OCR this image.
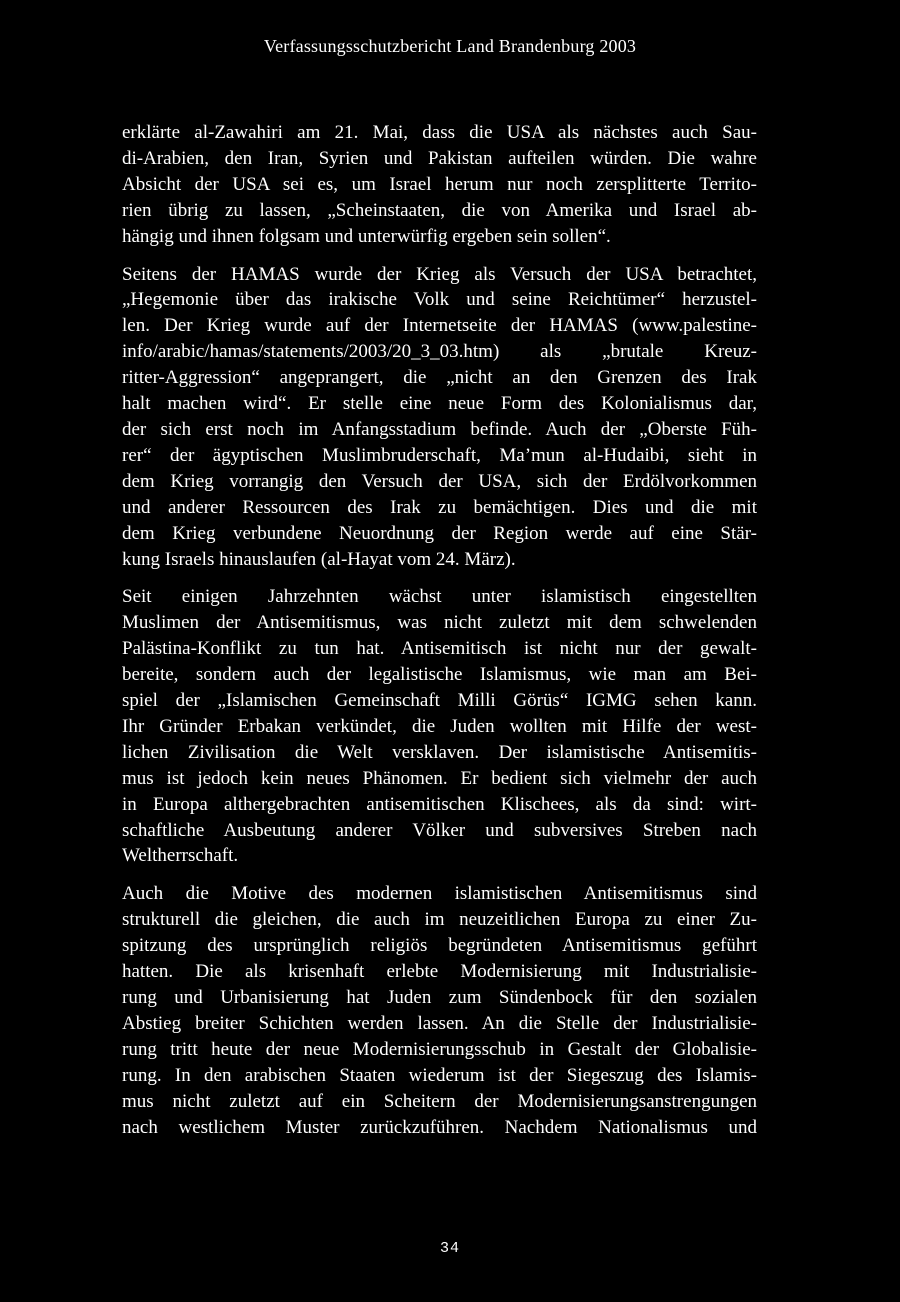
Verfassungsschutzbericht Land Brandenburg 2003

erklärte al-Zawahiri am 21. Mai, dass die USA als nächstes auch Sau-
di-Arabien, den Iran, Syrien und Pakistan aufteilen würden. Die wahre
Absicht der USA sei es, um Israel herum nur noch zersplitterte Territo-
rien übrig zu lassen, „Scheinstaaten, die von Amerika und Israel ab-
hängig und ihnen folgsam und unterwürfig ergeben sein sollen“.

Seitens der HAMAS wurde der Krieg als Versuch der USA betrachtet,
„Hegemonie über das irakische Volk und seine Reichtümer“ herzustel-
len. Der Krieg wurde auf der Internetseite der HAMAS (www.palestine-
info/arabic/hamas/statements/2003/20_3_03.htm) als „brutale Kreuz-
ritter-Aggression“ angeprangert, die „nicht an den Grenzen des Irak
halt machen wird“. Er stelle eine neue Form des Kolonialismus dar,
der sich erst noch im Anfangsstadium befinde. Auch der „Oberste Füh-
rer“ der ägyptischen Muslimbruderschaft, Ma’mun al-Hudaibi, sieht in
dem Krieg vorrangig den Versuch der USA, sich der Erdölvorkommen
und anderer Ressourcen des Irak zu bemächtigen. Dies und die mit
dem Krieg verbundene Neuordnung der Region werde auf eine Stär-
kung Israels hinauslaufen (al-Hayat vom 24. März).

Seit einigen Jahrzehnten wächst unter islamistisch eingestellten
Muslimen der Antisemitismus, was nicht zuletzt mit dem schwelenden
Palästina-Konflikt zu tun hat. Antisemitisch ist nicht nur der gewalt-
bereite, sondern auch der legalistische Islamismus, wie man am Bei-
spiel der „Islamischen Gemeinschaft Milli Görüs“ IGMG sehen kann.
Ihr Gründer Erbakan verkündet, die Juden wollten mit Hilfe der west-
lichen Zivilisation die Welt versklaven. Der islamistische Antisemitis-
mus ist jedoch kein neues Phänomen. Er bedient sich vielmehr der auch
in Europa althergebrachten antisemitischen Klischees, als da sind: wirt-
schaftliche Ausbeutung anderer Völker und subversives Streben nach
Weltherrschaft.

Auch die Motive des modernen islamistischen Antisemitismus sind
strukturell die gleichen, die auch im neuzeitlichen Europa zu einer Zu-
spitzung des ursprünglich religiös begründeten Antisemitismus geführt
hatten. Die als krisenhaft erlebte Modernisierung mit Industrialisie-
rung und Urbanisierung hat Juden zum Sündenbock für den sozialen
Abstieg breiter Schichten werden lassen. An die Stelle der Industrialisie-
rung tritt heute der neue Modernisierungsschub in Gestalt der Globalisie-
rung. In den arabischen Staaten wiederum ist der Siegeszug des Islamis-
mus nicht zuletzt auf ein Scheitern der Modernisierungsanstrengungen
nach westlichem Muster zurückzuführen. Nachdem Nationalismus und

34
